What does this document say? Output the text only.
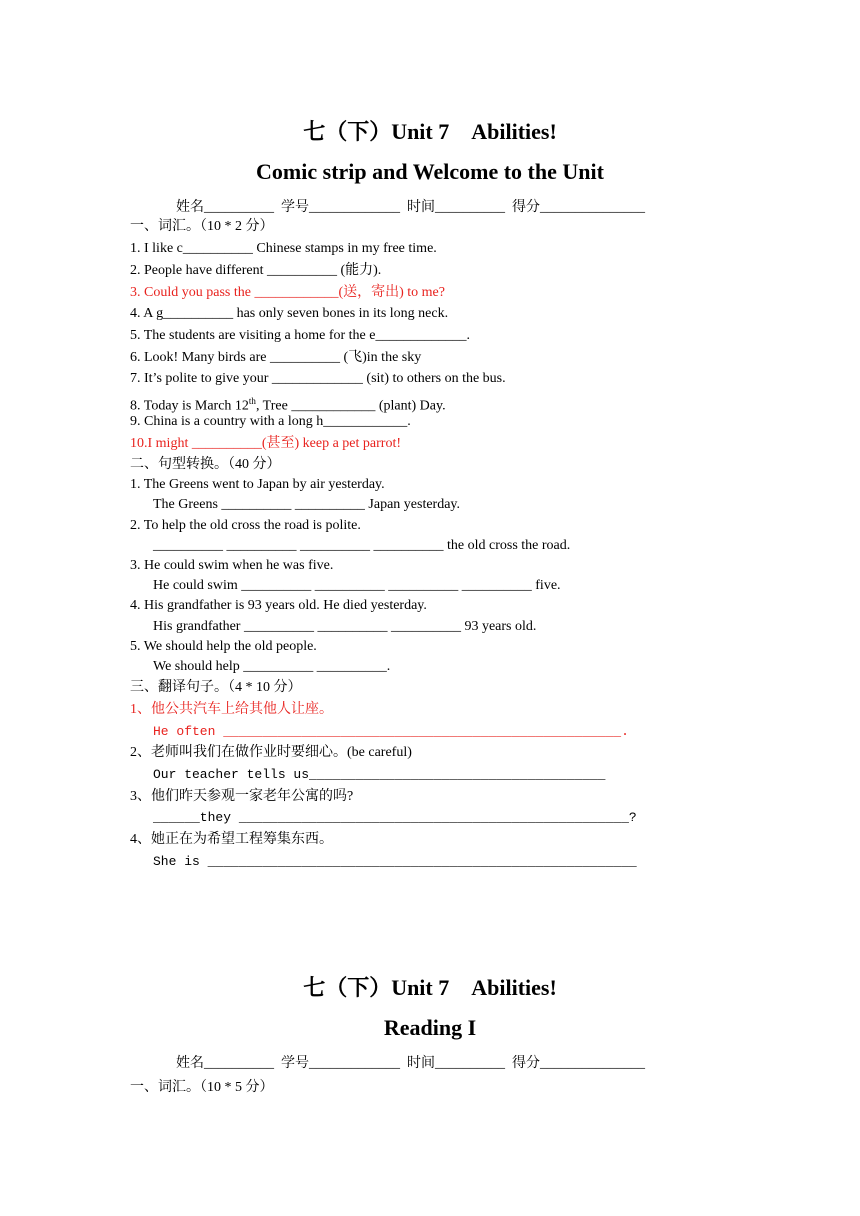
七（下）Unit 7　Abilities!
Comic strip and Welcome to the Unit
姓名__________  学号_____________  时间__________  得分_______________
一、词汇。（10 * 2 分）
1. I like c__________ Chinese stamps in my free time.
2. People have different __________ (能力).
3. Could you pass the ____________(送，寄出) to me?
4. A g__________ has only seven bones in its long neck.
5. The students are visiting a home for the e_____________.
6. Look! Many birds are __________ (飞)in the sky
7. It’s polite to give your _____________ (sit) to others on the bus.
8. Today is March 12th, Tree ____________ (plant) Day.
9. China is a country with a long h____________.
10.I might __________(甚至) keep a pet parrot!
二、句型转换。（40 分）
1. The Greens went to Japan by air yesterday.
The Greens __________ __________ Japan yesterday.
2. To help the old cross the road is polite.
__________ __________ __________ __________ the old cross the road.
3. He could swim when he was five.
He could swim __________ __________ __________ __________ five.
4. His grandfather is 93 years old. He died yesterday.
His grandfather __________ __________ __________ 93 years old.
5. We should help the old people.
We should help __________ __________.
三、翻译句子。（4 * 10 分）
1、他公共汽车上给其他人让座。
He often ___________________________________________________.
2、老师叫我们在做作业时要细心。(be careful)
Our teacher tells us______________________________________
3、他们昨天参观一家老年公寓的吗?
______they __________________________________________________?
4、她正在为希望工程筹集东西。
She is _______________________________________________________
七（下）Unit 7　Abilities!
Reading I
姓名__________  学号_____________  时间__________  得分_______________
一、词汇。（10 * 5 分）
